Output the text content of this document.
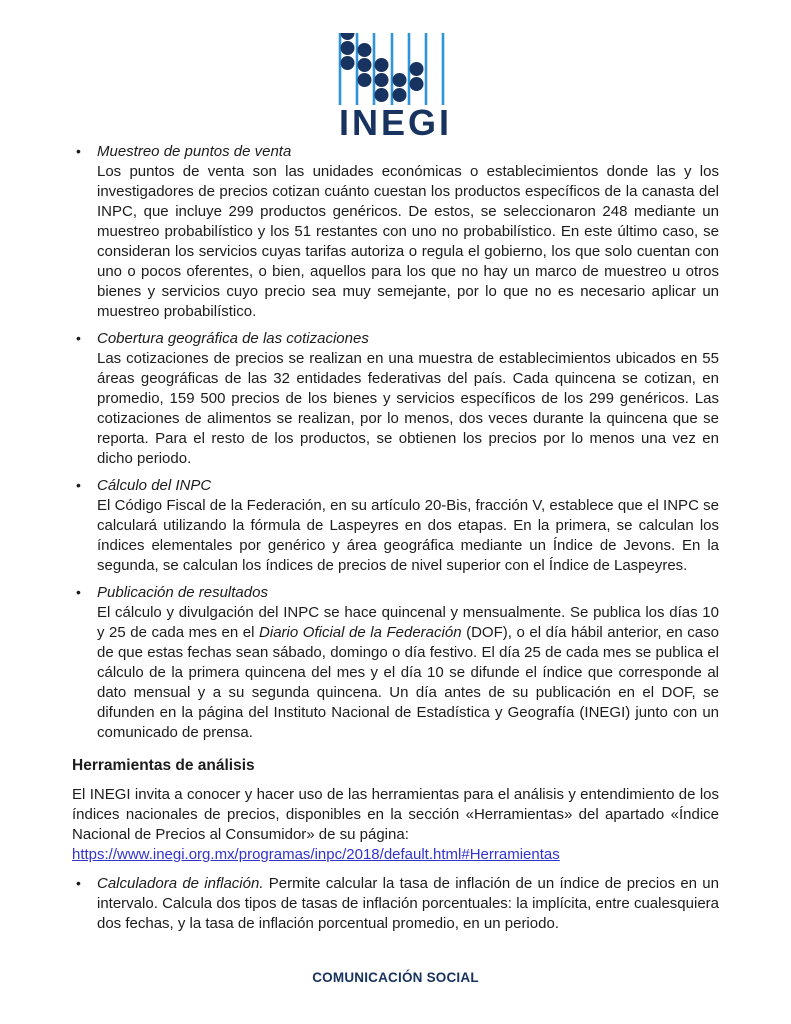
INEGI
• Muestreo de puntos de venta

Los puntos de venta son las unidades económicas o establecimientos donde las y los investigadores de precios cotizan cuánto cuestan los productos específicos de la canasta del INPC, que incluye 299 productos genéricos. De estos, se seleccionaron 248 mediante un muestreo probabilístico y los 51 restantes con uno no probabilístico. En este último caso, se consideran los servicios cuyas tarifas autoriza o regula el gobierno, los que solo cuentan con uno o pocos oferentes, o bien, aquellos para los que no hay un marco de muestreo u otros bienes y servicios cuyo precio sea muy semejante, por lo que no es necesario aplicar un muestreo probabilístico.

• Cobertura geográfica de las cotizaciones

Las cotizaciones de precios se realizan en una muestra de establecimientos ubicados en 55 áreas geográficas de las 32 entidades federativas del país. Cada quincena se cotizan, en promedio, 159 500 precios de los bienes y servicios específicos de los 299 genéricos. Las cotizaciones de alimentos se realizan, por lo menos, dos veces durante la quincena que se reporta. Para el resto de los productos, se obtienen los precios por lo menos una vez en dicho periodo.

• Cálculo del INPC

El Código Fiscal de la Federación, en su artículo 20-Bis, fracción V, establece que el INPC se calculará utilizando la fórmula de Laspeyres en dos etapas. En la primera, se calculan los índices elementales por genérico y área geográfica mediante un Índice de Jevons. En la segunda, se calculan los índices de precios de nivel superior con el Índice de Laspeyres.

• Publicación de resultados

El cálculo y divulgación del INPC se hace quincenal y mensualmente. Se publica los días 10 y 25 de cada mes en el Diario Oficial de la Federación (DOF), o el día hábil anterior, en caso de que estas fechas sean sábado, domingo o día festivo. El día 25 de cada mes se publica el cálculo de la primera quincena del mes y el día 10 se difunde el índice que corresponde al dato mensual y a su segunda quincena. Un día antes de su publicación en el DOF, se difunden en la página del Instituto Nacional de Estadística y Geografía (INEGI) junto con un comunicado de prensa.

Herramientas de análisis

El INEGI invita a conocer y hacer uso de las herramientas para el análisis y entendimiento de los índices nacionales de precios, disponibles en la sección «Herramientas» del apartado «Índice Nacional de Precios al Consumidor» de su página:

https://www.inegi.org.mx/programas/inpc/2018/default.html#Herramientas
• Calculadora de inflación. Permite calcular la tasa de inflación de un índice de precios en un intervalo. Calcula dos tipos de tasas de inflación porcentuales: la implícita, entre cualesquiera dos fechas, y la tasa de inflación porcentual promedio, en un periodo.

COMUNICACIÓN SOCIAL
